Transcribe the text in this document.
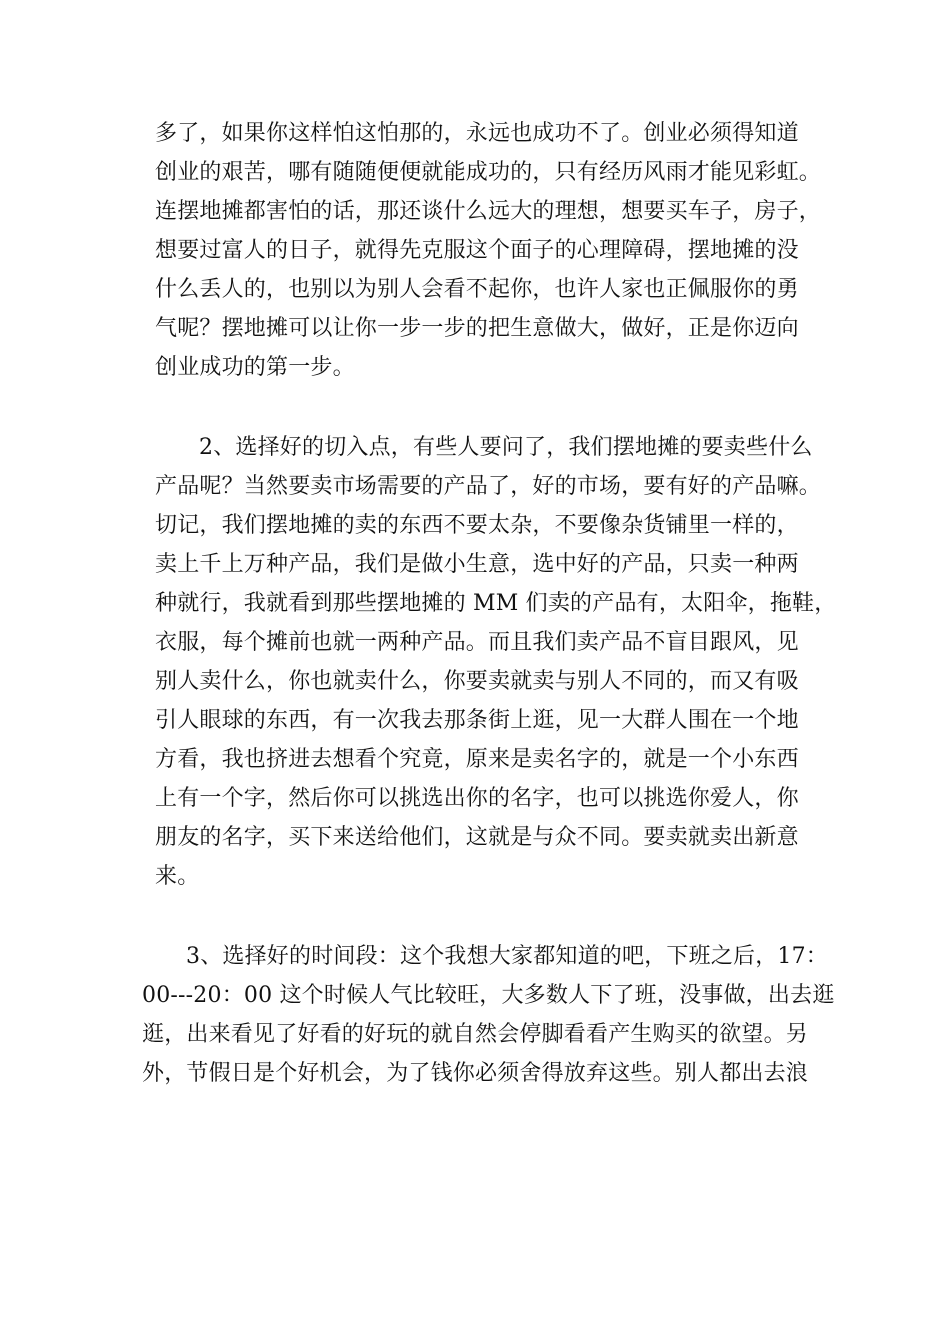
多了，如果你这样怕这怕那的，永远也成功不了。创业必须得知道
创业的艰苦，哪有随随便便就能成功的，只有经历风雨才能见彩虹。
连摆地摊都害怕的话，那还谈什么远大的理想，想要买车子，房子，
想要过富人的日子，就得先克服这个面子的心理障碍，摆地摊的没
什么丢人的，也别以为别人会看不起你，也许人家也正佩服你的勇
气呢？摆地摊可以让你一步一步的把生意做大，做好，正是你迈向
创业成功的第一步。
2、选择好的切入点，有些人要问了，我们摆地摊的要卖些什么
产品呢？当然要卖市场需要的产品了，好的市场，要有好的产品嘛。
切记，我们摆地摊的卖的东西不要太杂，不要像杂货铺里一样的，
卖上千上万种产品，我们是做小生意，选中好的产品，只卖一种两
种就行，我就看到那些摆地摊的 MM 们卖的产品有，太阳伞，拖鞋，
衣服，每个摊前也就一两种产品。而且我们卖产品不盲目跟风，见
别人卖什么，你也就卖什么，你要卖就卖与别人不同的，而又有吸
引人眼球的东西，有一次我去那条街上逛，见一大群人围在一个地
方看，我也挤进去想看个究竟，原来是卖名字的，就是一个小东西
上有一个字，然后你可以挑选出你的名字，也可以挑选你爱人，你
朋友的名字，买下来送给他们，这就是与众不同。要卖就卖出新意
来。
3、选择好的时间段：这个我想大家都知道的吧，下班之后，17：
00---20：00 这个时候人气比较旺，大多数人下了班，没事做，出去逛
逛，出来看见了好看的好玩的就自然会停脚看看产生购买的欲望。另
外，节假日是个好机会，为了钱你必须舍得放弃这些。别人都出去浪
